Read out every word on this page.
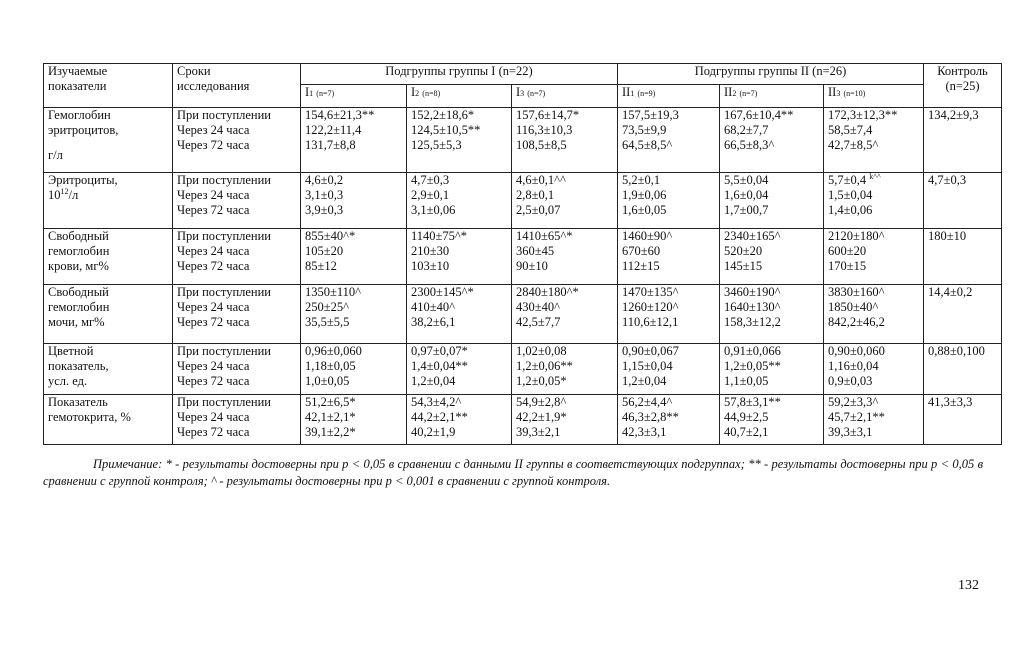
Изучаемые
показатели	Сроки
исследования	Подгруппы группы I (n=22)			Подгруппы группы II (n=26)			Контроль
(n=25)

		I1 (n=7)	I2 (n=8)	I3 (n=7)	II1 (n=9)	II2 (n=7)	II3 (n=10)	

Гемоглобин
эритроцитов,
г/л	При поступлении
Через 24 часа
Через 72 часа	154,6±21,3**
122,2±11,4
131,7±8,8	152,2±18,6*
124,5±10,5**
125,5±5,3	157,6±14,7*
116,3±10,3
108,5±8,5	157,5±19,3
73,5±9,9
64,5±8,5^	167,6±10,4**
68,2±7,7
66,5±8,3^	172,3±12,3**
58,5±7,4
42,7±8,5^	134,2±9,3

Эритроциты,
$10^{12}/л$	При поступлении
Через 24 часа
Через 72 часа	4,6±0,2
3,1±0,3
3,9±0,3	4,7±0,3
2,9±0,1
3,1±0,06	4,6±0,1^^
2,8±0,1
2,5±0,07	5,2±0,1
1,9±0,06
1,6±0,05	5,5±0,04
1,6±0,04
1,7±00,7	5,7±0,4 $^{k\^{}\^{}}$
1,5±0,04
1,4±0,06	4,7±0,3

Свободный
гемоглобин
крови, мг%	При поступлении
Через 24 часа
Через 72 часа	855±40^*
105±20
85±12	1140±75^*
210±30
103±10	1410±65^*
360±45
90±10	1460±90^
670±60
112±15	2340±165^
520±20
145±15	2120±180^
600±20
170±15	180±10

Свободный
гемоглобин
мочи, мг%	При поступлении
Через 24 часа
Через 72 часа	1350±110^
250±25^
35,5±5,5	2300±145^*
410±40^
38,2±6,1	2840±180^*
430±40^
42,5±7,7	1470±135^
1260±120^
110,6±12,1	3460±190^
1640±130^
158,3±12,2	3830±160^
1850±40^
842,2±46,2	14,4±0,2

Цветной
показатель,
усл. ед.	При поступлении
Через 24 часа
Через 72 часа	0,96±0,060
1,18±0,05
1,0±0,05	0,97±0,07*
1,4±0,04**
1,2±0,04	1,02±0,08
1,2±0,06**
1,2±0,05*	0,90±0,067
1,15±0,04
1,2±0,04	0,91±0,066
1,2±0,05**
1,1±0,05	0,90±0,060
1,16±0,04
0,9±0,03	0,88±0,100

Показатель
гемотокрита, %	При поступлении
Через 24 часа
Через 72 часа	51,2±6,5*
42,1±2,1*
39,1±2,2*	54,3±4,2^
44,2±2,1**
40,2±1,9	54,9±2,8^
42,2±1,9*
39,3±2,1	56,2±4,4^
46,3±2,8**
42,3±3,1	57,8±3,1**
44,9±2,5
40,7±2,1	59,2±3,3^
45,7±2,1**
39,3±3,1	41,3±3,3

Примечание: * - результаты достоверны при р < 0,05 в сравнении с данными II группы в соответствующих подгруппах; ** - результаты достоверны при р < 0,05 в сравнении с группой контроля; ^ - результаты достоверны при р < 0,001 в сравнении с группой контроля.

132
